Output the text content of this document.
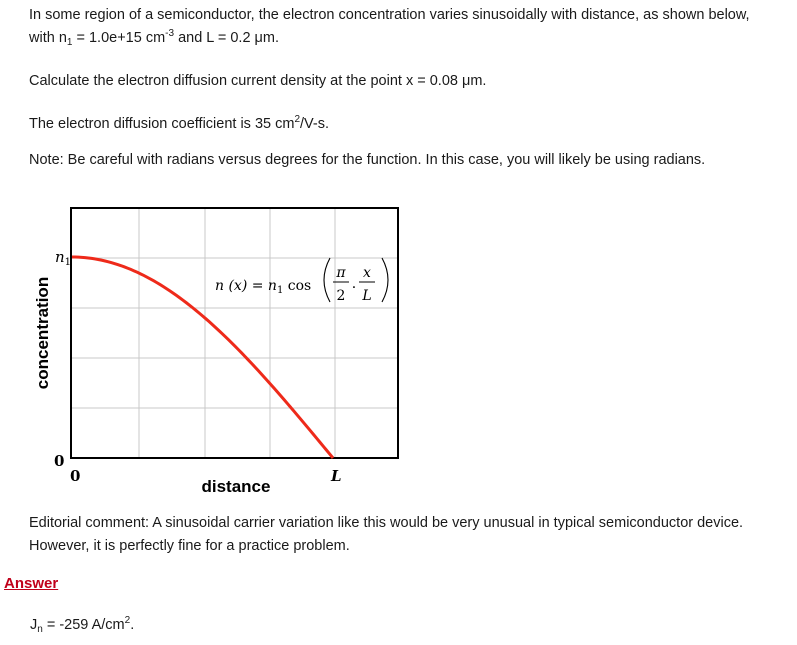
In some region of a semiconductor, the electron concentration varies sinusoidally with distance, as shown below,
with $n_1 = 1.0e+15$ $cm^{-3}$ and L = 0.2 μm.
Calculate the electron diffusion current density at the point x = 0.08 μm.
The electron diffusion coefficient is 35 $cm^2/V-s$.
Note: Be careful with radians versus degrees for the function. In this case, you will likely be using radians.
concentration
distance
$n_1$
0
0	L
n $(x) = n_1$ cos
π
2 ·
x
L
Editorial comment: A sinusoidal carrier variation like this would be very unusual in typical semiconductor device.
However, it is perfectly fine for a practice problem.
Answer
$J_n = -259$ $A/cm^2$.
